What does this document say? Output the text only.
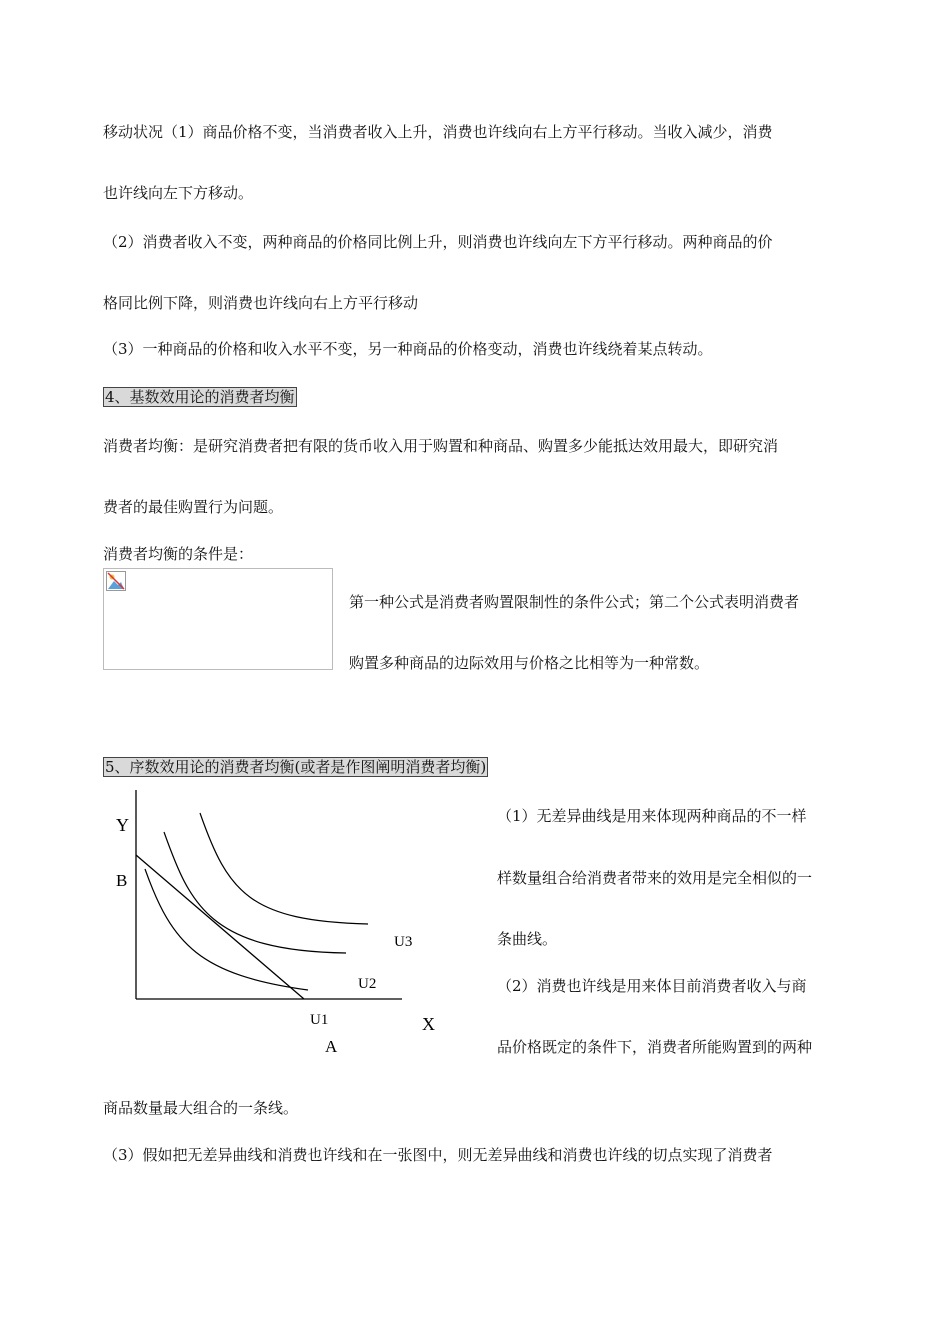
移动状况（1）商品价格不变，当消费者收入上升，消费也许线向右上方平行移动。当收入减少，消费
也许线向左下方移动。
（2）消费者收入不变，两种商品的价格同比例上升，则消费也许线向左下方平行移动。两种商品的价
格同比例下降，则消费也许线向右上方平行移动
（3）一种商品的价格和收入水平不变，另一种商品的价格变动，消费也许线绕着某点转动。
4、基数效用论的消费者均衡
消费者均衡：是研究消费者把有限的货币收入用于购置和种商品、购置多少能抵达效用最大，即研究消
费者的最佳购置行为问题。
消费者均衡的条件是：
第一种公式是消费者购置限制性的条件公式；第二个公式表明消费者
购置多种商品的边际效用与价格之比相等为一种常数。
5、序数效用论的消费者均衡(或者是作图阐明消费者均衡)
Y
B
U3
U2
U1	X
A
（1）无差异曲线是用来体现两种商品的不一样
样数量组合给消费者带来的效用是完全相似的一
条曲线。
（2）消费也许线是用来体目前消费者收入与商
品价格既定的条件下，消费者所能购置到的两种
商品数量最大组合的一条线。
（3）假如把无差异曲线和消费也许线和在一张图中，则无差异曲线和消费也许线的切点实现了消费者
